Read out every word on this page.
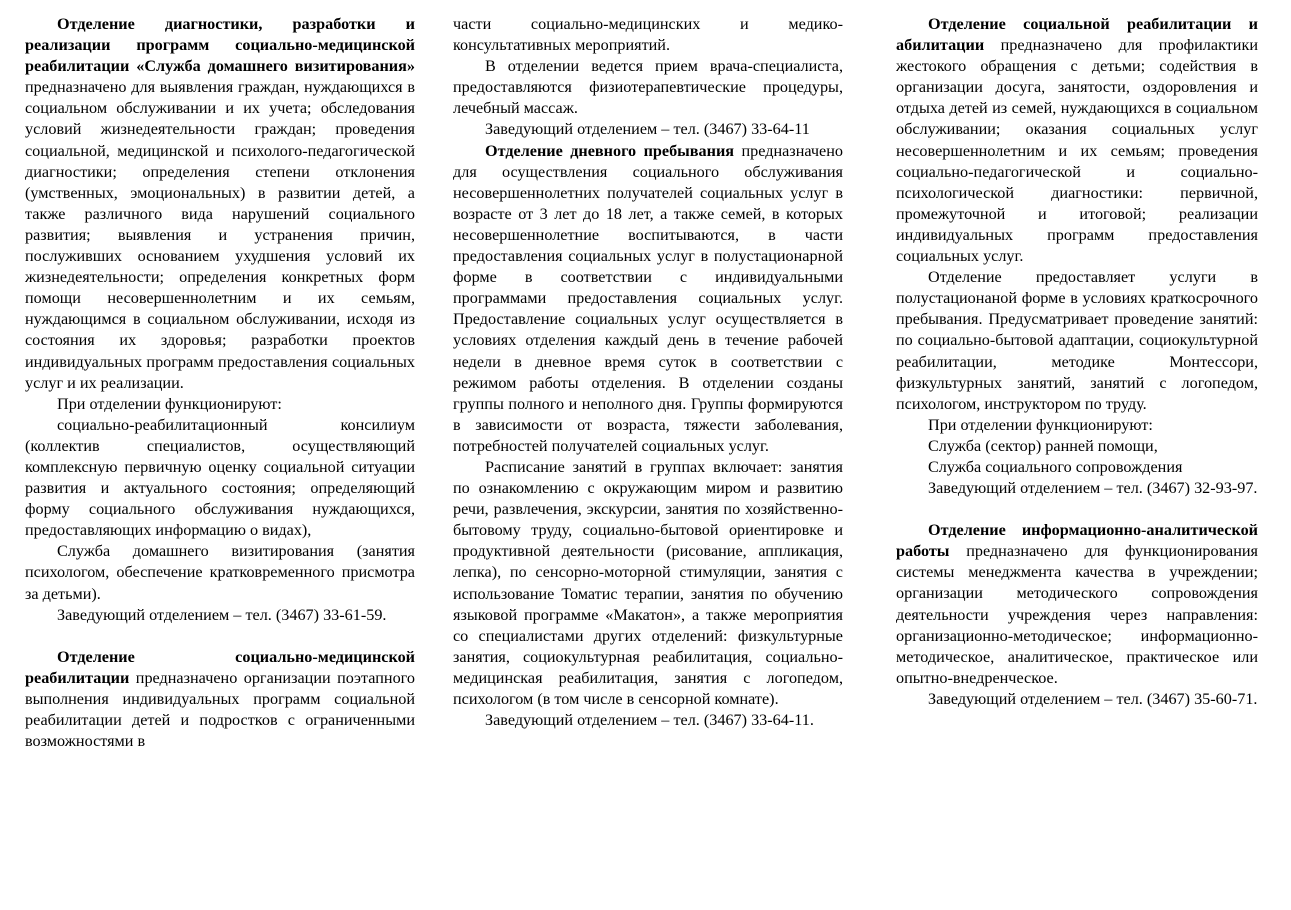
Отделение диагностики, разработки и реализации программ социально-медицинской реабилитации «Служба домашнего визитирования» предназначено для выявления граждан, нуждающихся в социальном обслуживании и их учета; обследования условий жизнедеятельности граждан; проведения социальной, медицинской и психолого-педагогической диагностики; определения степени отклонения (умственных, эмоциональных) в развитии детей, а также различного вида нарушений социального развития; выявления и устранения причин, послуживших основанием ухудшения условий их жизнедеятельности; определения конкретных форм помощи несовершеннолетним и их семьям, нуждающимся в социальном обслуживании, исходя из состояния их здоровья; разработки проектов индивидуальных программ предоставления социальных услуг и их реализации.

При отделении функционируют:

социально-реабилитационный консилиум (коллектив специалистов, осуществляющий комплексную первичную оценку социальной ситуации развития и актуального состояния; определяющий форму социального обслуживания нуждающихся, предоставляющих информацию о видах),

Служба домашнего визитирования (занятия психологом, обеспечение кратковременного присмотра за детьми).

Заведующий отделением – тел. (3467) 33-61-59.

Отделение социально-медицинской реабилитации предназначено организации поэтапного выполнения индивидуальных программ социальной реабилитации детей и подростков с ограниченными возможностями в

части социально-медицинских и медико-консультативных мероприятий.

В отделении ведется прием врача-специалиста, предоставляются физиотерапевтические процедуры, лечебный массаж.

Заведующий отделением – тел. (3467) 33-64-11

Отделение дневного пребывания предназначено для осуществления социального обслуживания несовершеннолетних получателей социальных услуг в возрасте от 3 лет до 18 лет, а также семей, в которых несовершеннолетние воспитываются, в части предоставления социальных услуг в полустационарной форме в соответствии с индивидуальными программами предоставления социальных услуг. Предоставление социальных услуг осуществляется в условиях отделения каждый день в течение рабочей недели в дневное время суток в соответствии с режимом работы отделения. В отделении созданы группы полного и неполного дня. Группы формируются в зависимости от возраста, тяжести заболевания, потребностей получателей социальных услуг.

Расписание занятий в группах включает: занятия по ознакомлению с окружающим миром и развитию речи, развлечения, экскурсии, занятия по хозяйственно-бытовому труду, социально-бытовой ориентировке и продуктивной деятельности (рисование, аппликация, лепка), по сенсорно-моторной стимуляции, занятия с использование Томатис терапии, занятия по обучению языковой программе «Макатон», а также мероприятия со специалистами других отделений: физкультурные занятия, социокультурная реабилитация, социально-медицинская реабилитация, занятия с логопедом, психологом (в том числе в сенсорной комнате).

Заведующий отделением – тел. (3467) 33-64-11.

Отделение социальной реабилитации и абилитации предназначено для профилактики жестокого обращения с детьми; содействия в организации досуга, занятости, оздоровления и отдыха детей из семей, нуждающихся в социальном обслуживании; оказания социальных услуг несовершеннолетним и их семьям; проведения социально-педагогической и социально-психологической диагностики: первичной, промежуточной и итоговой; реализации индивидуальных программ предоставления социальных услуг.

Отделение предоставляет услуги в полустационаной форме в условиях краткосрочного пребывания. Предусматривает проведение занятий: по социально-бытовой адаптации, социокультурной реабилитации, методике Монтессори, физкультурных занятий, занятий с логопедом, психологом, инструктором по труду.

При отделении функционируют:

Служба (сектор) ранней помощи,

Служба социального сопровождения

Заведующий отделением – тел. (3467) 32-93-97.

Отделение информационно-аналитической работы предназначено для функционирования системы менеджмента качества в учреждении; организации методического сопровождения деятельности учреждения через направления: организационно-методическое; информационно-методическое, аналитическое, практическое или опытно-внедренческое.

Заведующий отделением – тел. (3467) 35-60-71.
